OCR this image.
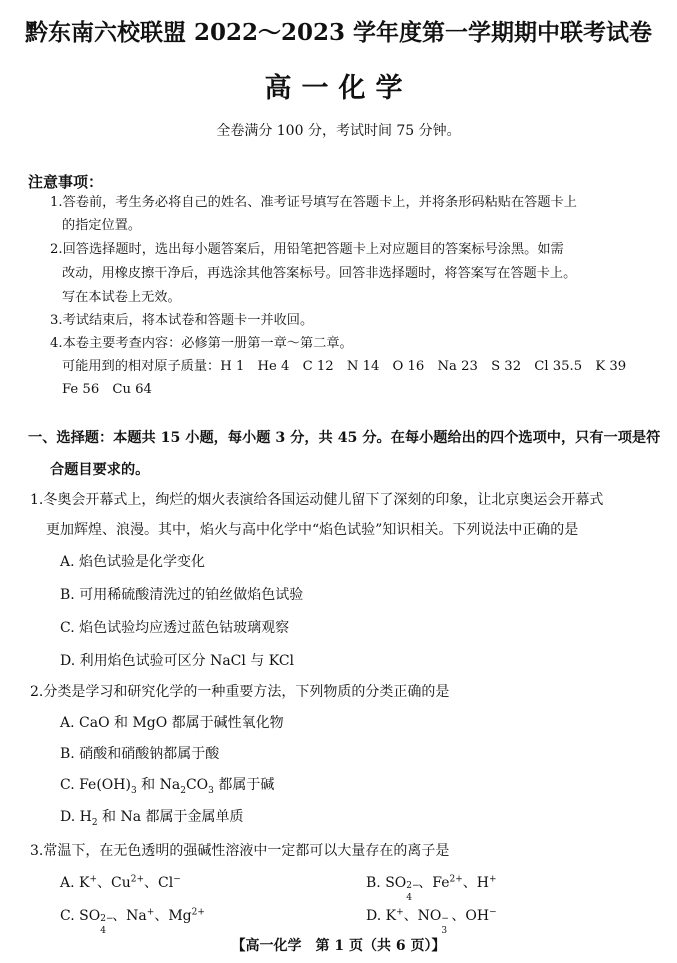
黔东南六校联盟 2022～2023 学年度第一学期期中联考试卷
高一化学
全卷满分 100 分，考试时间 75 分钟。
注意事项：
1.答卷前，考生务必将自己的姓名、准考证号填写在答题卡上，并将条形码粘贴在答题卡上
的指定位置。
2.回答选择题时，选出每小题答案后，用铅笔把答题卡上对应题目的答案标号涂黑。如需
改动，用橡皮擦干净后，再选涂其他答案标号。回答非选择题时，将答案写在答题卡上。
写在本试卷上无效。
3.考试结束后，将本试卷和答题卡一并收回。
4.本卷主要考查内容：必修第一册第一章～第二章。
可能用到的相对原子质量：H 1　He 4　C 12　N 14　O 16　Na 23　S 32　Cl 35.5　K 39
Fe 56　Cu 64
一、选择题：本题共 15 小题，每小题 3 分，共 45 分。在每小题给出的四个选项中，只有一项是符
合题目要求的。
1.冬奥会开幕式上，绚烂的烟火表演给各国运动健儿留下了深刻的印象，让北京奥运会开幕式
更加辉煌、浪漫。其中，焰火与高中化学中“焰色试验”知识相关。下列说法中正确的是
A. 焰色试验是化学变化
B. 可用稀硫酸清洗过的铂丝做焰色试验
C. 焰色试验均应透过蓝色钴玻璃观察
D. 利用焰色试验可区分 NaCl 与 KCl
2.分类是学习和研究化学的一种重要方法，下列物质的分类正确的是
A. CaO 和 MgO 都属于碱性氧化物
B. 硝酸和硝酸钠都属于酸
C. $Fe(OH)_3$ 和 $Na_2CO_3$ 都属于碱
D. $H_2$ 和 Na 都属于金属单质
3.常温下，在无色透明的强碱性溶液中一定都可以大量存在的离子是
A. K+、$Cu^{2+}$、Cl−	B. SO 2−
4
、$Fe^{2+}$、H+
C. SO 2−
4
、Na+、$Mg^{2+}$	D. K+、NO −
3
、OH−
【高一化学　第 1 页（共 6 页）】
